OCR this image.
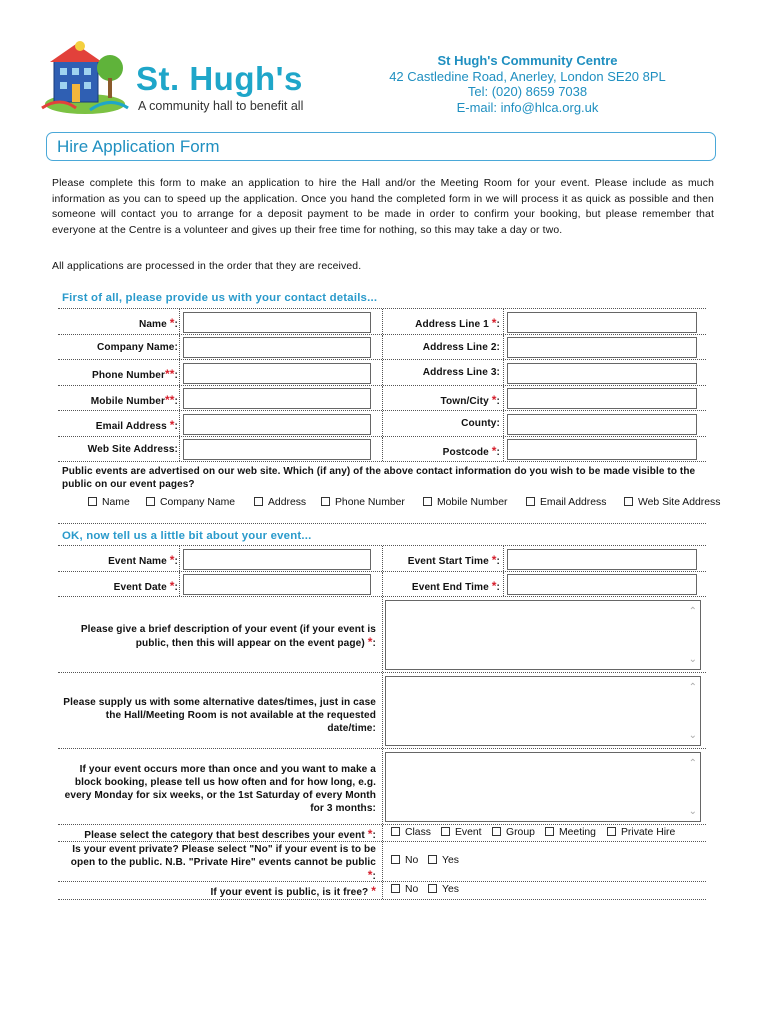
St. Hugh's
A community hall to benefit all
St Hugh's Community Centre
42 Castledine Road, Anerley, London SE20 8PL
Tel: (020) 8659 7038
E-mail: info@hlca.org.uk
Hire Application Form
Please complete this form to make an application to hire the Hall and/or the Meeting Room for your event. Please include as much information as you can to speed up the application. Once you hand the completed form in we will process it as quick as possible and then someone will contact you to arrange for a deposit payment to be made in order to confirm your booking, but please remember that everyone at the Centre is a volunteer and gives up their free time for nothing, so this may take a day or two.
All applications are processed in the order that they are received.
First of all, please provide us with your contact details...
Name *:	Address Line 1 *:
Company Name:	Address Line 2:
Phone Number**:	Address Line 3:
Mobile Number**:	Town/City *:
Email Address *:	County:
Web Site Address:	Postcode *:
Public events are advertised on our web site. Which (if any) of the above contact information do you wish to be made visible to the public on our event pages?
Name	Company Name	Address	Phone Number	Mobile Number	Email Address	Web Site Address
OK, now tell us a little bit about your event...
Event Name *:	Event Start Time *:
Event Date *:	Event End Time *:
Please give a brief description of your event (if your event is public, then this will appear on the event page) *:
⌃
⌄
Please supply us with some alternative dates/times, just in case the Hall/Meeting Room is not available at the requested date/time:
⌃
⌄
If your event occurs more than once and you want to make a block booking, please tell us how often and for how long, e.g. every Monday for six weeks, or the 1st Saturday of every Month for 3 months:
⌃
⌄
Please select the category that best describes your event *:	Class	Event	Group	Meeting	Private Hire
Is your event private? Please select "No" if your event is to be open to the public. N.B. "Private Hire" events cannot be public *:
No	Yes
If your event is public, is it free? *	No	Yes
